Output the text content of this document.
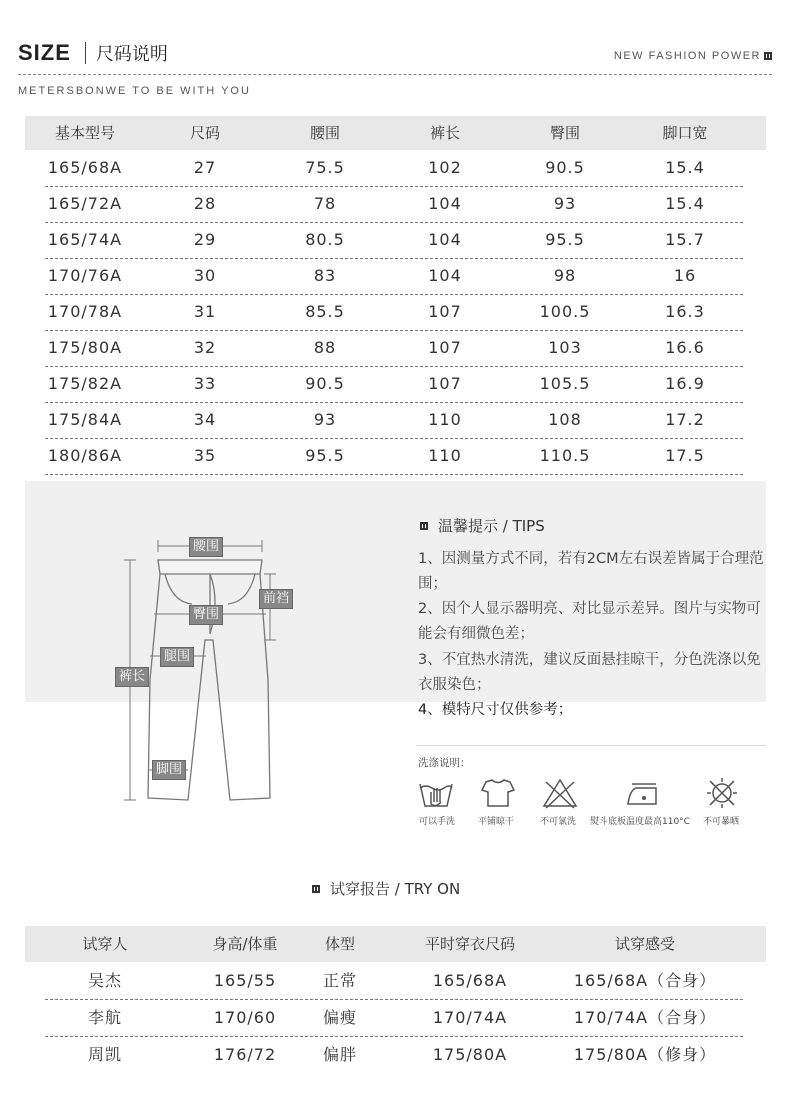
SIZE 尺码说明	NEW FASHION POWER
METERSBONWE TO BE WITH YOU
基本型号	尺码	腰围	裤长	臀围	脚口宽
165/68A	27	75.5	102	90.5	15.4
165/72A	28	78	104	93	15.4
165/74A	29	80.5	104	95.5	15.7
170/76A	30	83	104	98	16
170/78A	31	85.5	107	100.5	16.3
175/80A	32	88	107	103	16.6
175/82A	33	90.5	107	105.5	16.9
175/84A	34	93	110	108	17.2
180/86A	35	95.5	110	110.5	17.5
腰围
前裆
臀围
腿围
裤长
脚围
温馨提示 / TIPS
1、因测量方式不同，若有2CM左右误差皆属于合理范围；
2、因个人显示器明亮、对比显示差异。图片与实物可能会有细微色差；
3、不宜热水清洗，建议反面悬挂晾干，分色洗涤以免衣服染色；
4、模特尺寸仅供参考；
洗涤说明：
可以手洗	平铺晾干	不可氯洗 熨斗底板温度最高110°C 不可暴晒
试穿报告 / TRY ON
试穿人	身高/体重	体型	平时穿衣尺码	试穿感受
吴杰	165/55	正常	165/68A	165/68A（合身）
李航	170/60	偏瘦	170/74A	170/74A（合身）
周凯	176/72	偏胖	175/80A	175/80A（修身）
